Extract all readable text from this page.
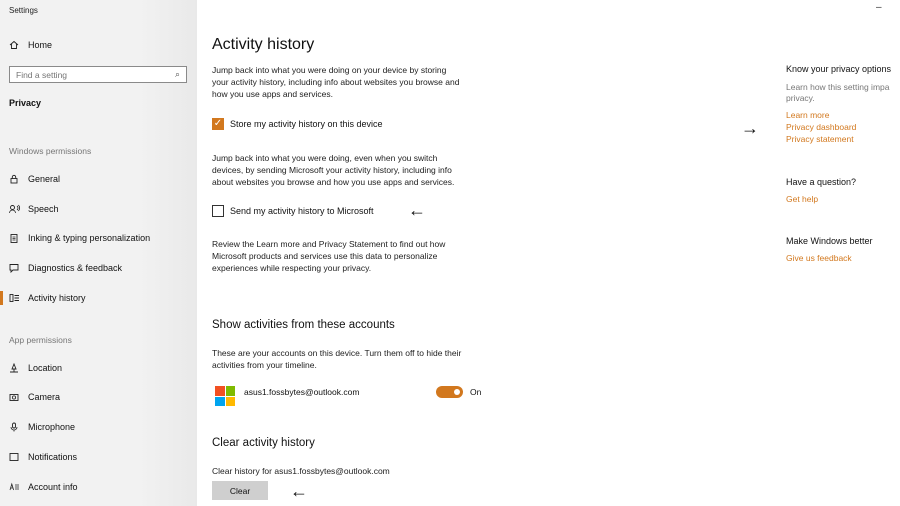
Settings
Home
Find a setting
⌕
Privacy
Windows permissions
General
Speech
Inking & typing personalization
Diagnostics & feedback
Activity history
App permissions
Location
Camera
Microphone
Notifications
Account info
Activity history
Jump back into what you were doing on your device by storing
your activity history, including info about websites you browse and
how you use apps and services.
✓ Store my activity history on this device
Jump back into what you were doing, even when you switch
devices, by sending Microsoft your activity history, including info
about websites you browse and how you use apps and services.
Send my activity history to Microsoft
Review the Learn more and Privacy Statement to find out how
Microsoft products and services use this data to personalize
experiences while respecting your privacy.
Show activities from these accounts
These are your accounts on this device. Turn them off to hide their
activities from your timeline.
asus1.fossbytes@outlook.com	On
Clear activity history
Clear history for asus1.fossbytes@outlook.com
Clear
←
←
→
Know your privacy options
Learn how this setting impa
privacy.
Learn more
Privacy dashboard
Privacy statement
Have a question?
Get help
Make Windows better
Give us feedback
–
